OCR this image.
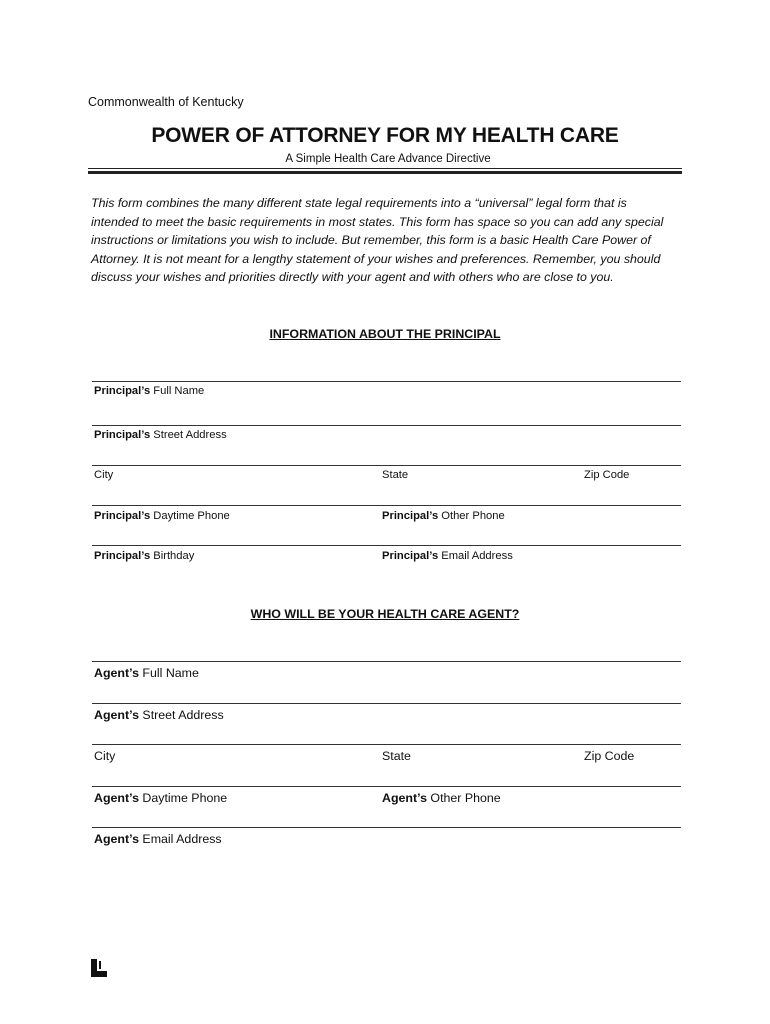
Commonwealth of Kentucky
POWER OF ATTORNEY FOR MY HEALTH CARE
A Simple Health Care Advance Directive
This form combines the many different state legal requirements into a “universal” legal form that is
intended to meet the basic requirements in most states. This form has space so you can add any special
instructions or limitations you wish to include. But remember, this form is a basic Health Care Power of
Attorney. It is not meant for a lengthy statement of your wishes and preferences. Remember, you should
discuss your wishes and priorities directly with your agent and with others who are close to you.
INFORMATION ABOUT THE PRINCIPAL
Principal’s Full Name
Principal’s Street Address
City	State	Zip Code
Principal’s Daytime Phone	Principal’s Other Phone
Principal’s Birthday	Principal’s Email Address
WHO WILL BE YOUR HEALTH CARE AGENT?
Agent’s Full Name
Agent’s Street Address
City	State	Zip Code
Agent’s Daytime Phone	Agent’s Other Phone
Agent’s Email Address
